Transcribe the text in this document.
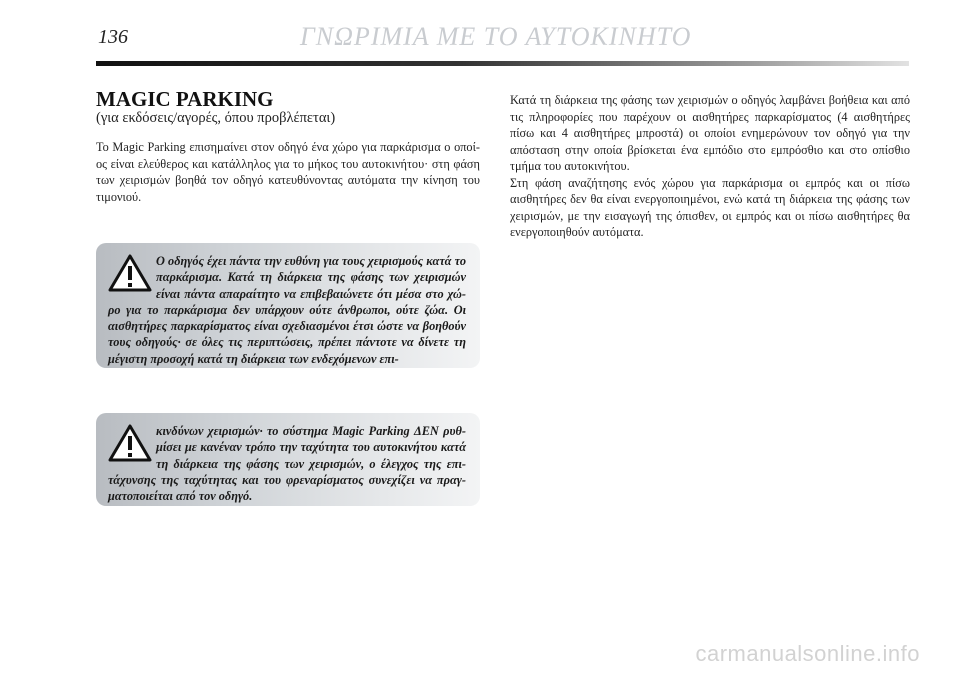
136	ΓΝΩΡΙΜΙΑ ΜΕ ΤΟ ΑΥΤΟΚΙΝΗΤΟ
MAGIC PARKING

(για εκδόσεις/αγορές, όπου προβλέπεται)

Το Magic Parking επισημαίνει στον οδηγό ένα χώρο για παρκάρισμα ο οποίος είναι ελεύθερος και κατάλληλος για το μήκος του αυτοκινήτου· στη φάση των χειρισμών βοηθά τον οδηγό κατευθύνοντας αυτόματα την κίνηση του τιμονιού.

Ο οδηγός έχει πάντα την ευθύνη για τους χειρισμούς κατά το παρκάρισμα. Κατά τη διάρκεια της φάσης των χειρισμών είναι πάντα απαραίτητο να επιβεβαιώνετε ότι μέσα στο χώρο για το παρκάρισμα δεν υπάρχουν ούτε άνθρωποι, ούτε ζώα. Οι αισθητήρες παρκαρίσματος είναι σχεδιασμένοι έτσι ώστε να βοηθούν τους οδηγούς· σε όλες τις περιπτώσεις, πρέπει πάντοτε να δίνετε τη μέγιστη προσοχή κατά τη διάρκεια των ενδεχόμενων επι-

κινδύνων χειρισμών· το σύστημα Magic Parking ΔΕΝ ρυθμίσει με κανέναν τρόπο την ταχύτητα του αυτοκινήτου κατά τη διάρκεια της φάσης των χειρισμών, ο έλεγχος της επιτάχυνσης της ταχύτητας και του φρεναρίσματος συνεχίζει να πραγματοποιείται από τον οδηγό.

Κατά τη διάρκεια της φάσης των χειρισμών ο οδηγός λαμβάνει βοήθεια και από τις πληροφορίες που παρέχουν οι αισθητήρες παρκαρίσματος (4 αισθητήρες πίσω και 4 αισθητήρες μπροστά) οι οποίοι ενημερώνουν τον οδηγό για την απόσταση στην οποία βρίσκεται ένα εμπόδιο στο εμπρόσθιο και στο οπίσθιο τμήμα του αυτοκινήτου.

Στη φάση αναζήτησης ενός χώρου για παρκάρισμα οι εμπρός και οι πίσω αισθητήρες δεν θα είναι ενεργοποιημένοι, ενώ κατά τη διάρκεια της φάσης των χειρισμών, με την εισαγωγή της όπισθεν, οι εμπρός και οι πίσω αισθητήρες θα ενεργοποιηθούν αυτόματα.

carmanualsonline.info
